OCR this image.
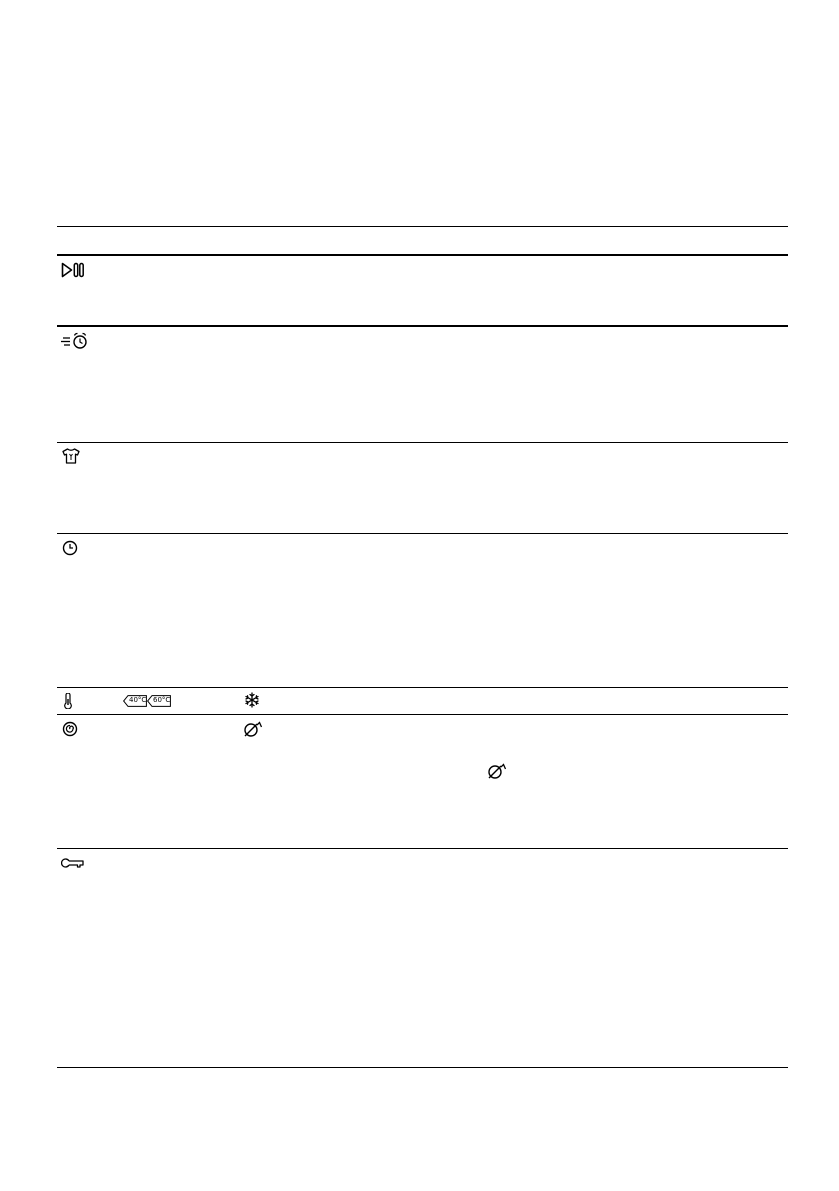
40°C 60°C
